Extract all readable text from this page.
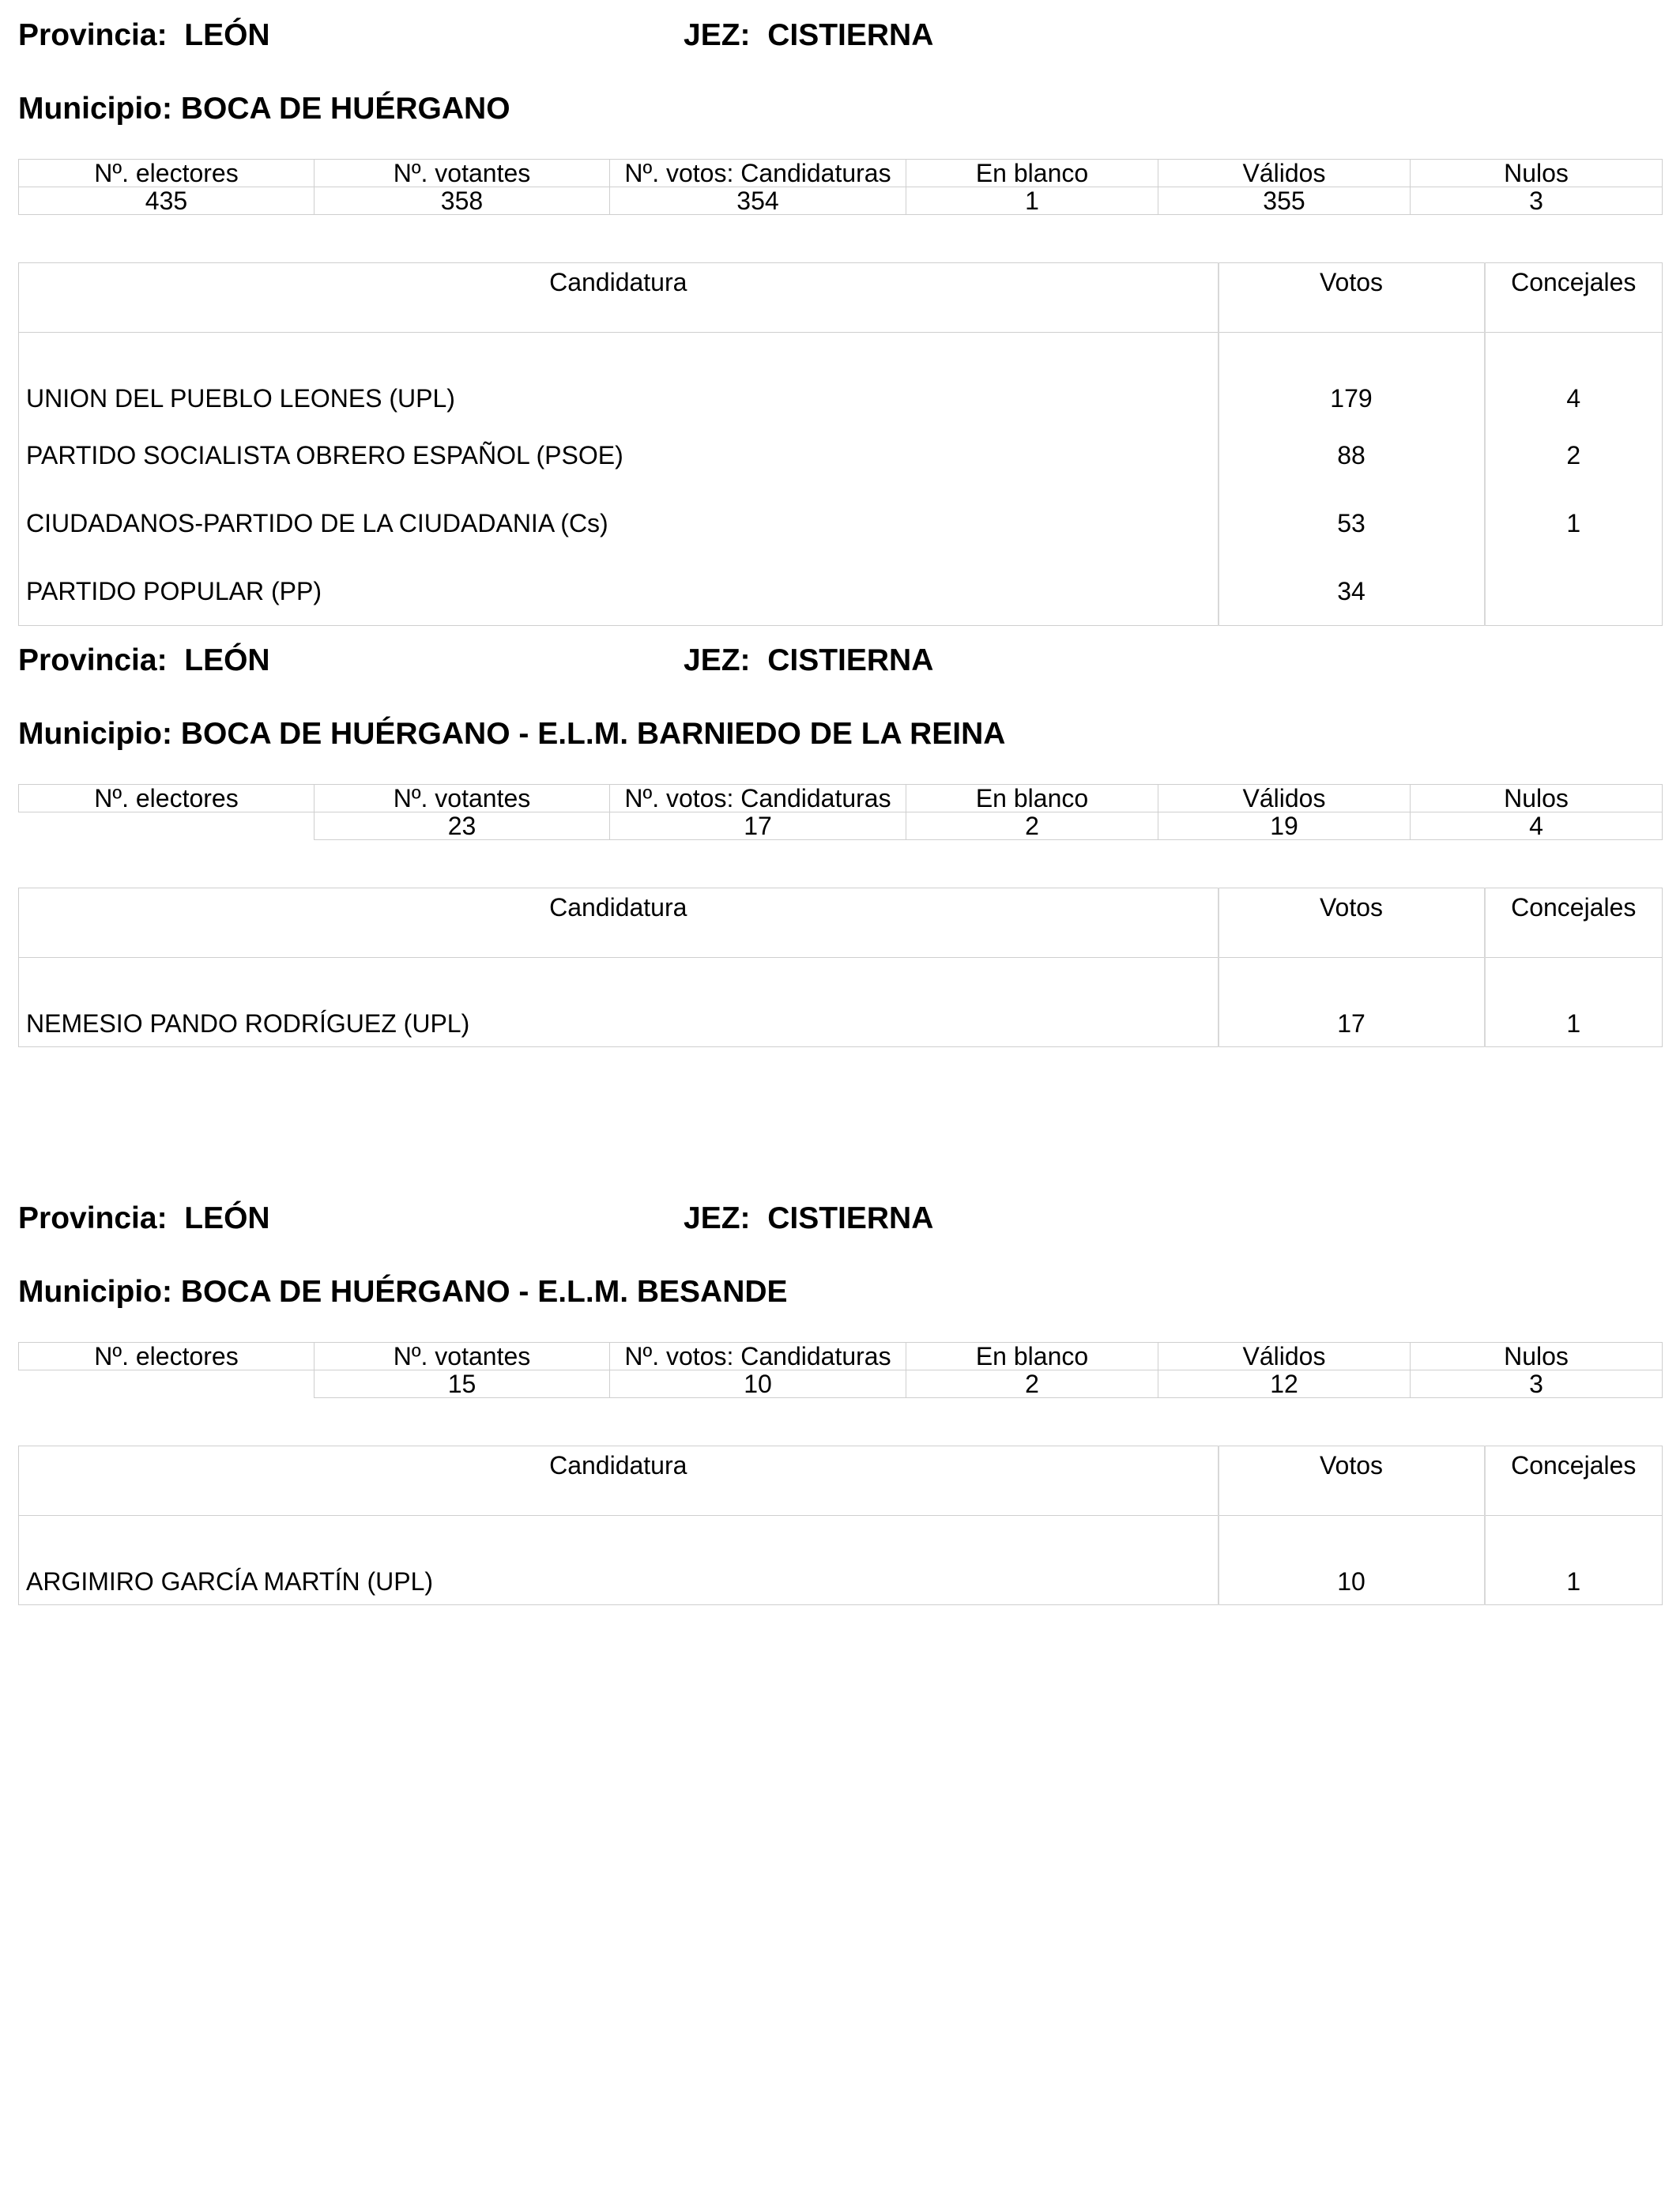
Provincia: LEÓN	JEZ: CISTIERNA
Municipio: BOCA DE HUÉRGANO
Nº. electores	Nº. votantes	Nº. votos: Candidaturas	En blanco	Válidos	Nulos
435	358	354	1	355	3
Candidatura	Votos	Concejales
UNION DEL PUEBLO LEONES (UPL)	179	4
PARTIDO SOCIALISTA OBRERO ESPAÑOL (PSOE)	88	2
CIUDADANOS-PARTIDO DE LA CIUDADANIA (Cs)	53	1
PARTIDO POPULAR (PP)	34	
Provincia: LEÓN	JEZ: CISTIERNA
Municipio: BOCA DE HUÉRGANO - E.L.M. BARNIEDO DE LA REINA
Nº. electores	Nº. votantes	Nº. votos: Candidaturas	En blanco	Válidos	Nulos
	23	17	2	19	4
Candidatura	Votos	Concejales
NEMESIO PANDO RODRÍGUEZ (UPL)	17	1
Provincia: LEÓN	JEZ: CISTIERNA
Municipio: BOCA DE HUÉRGANO - E.L.M. BESANDE
Nº. electores	Nº. votantes	Nº. votos: Candidaturas	En blanco	Válidos	Nulos
	15	10	2	12	3
Candidatura	Votos	Concejales
ARGIMIRO GARCÍA MARTÍN (UPL)	10	1
